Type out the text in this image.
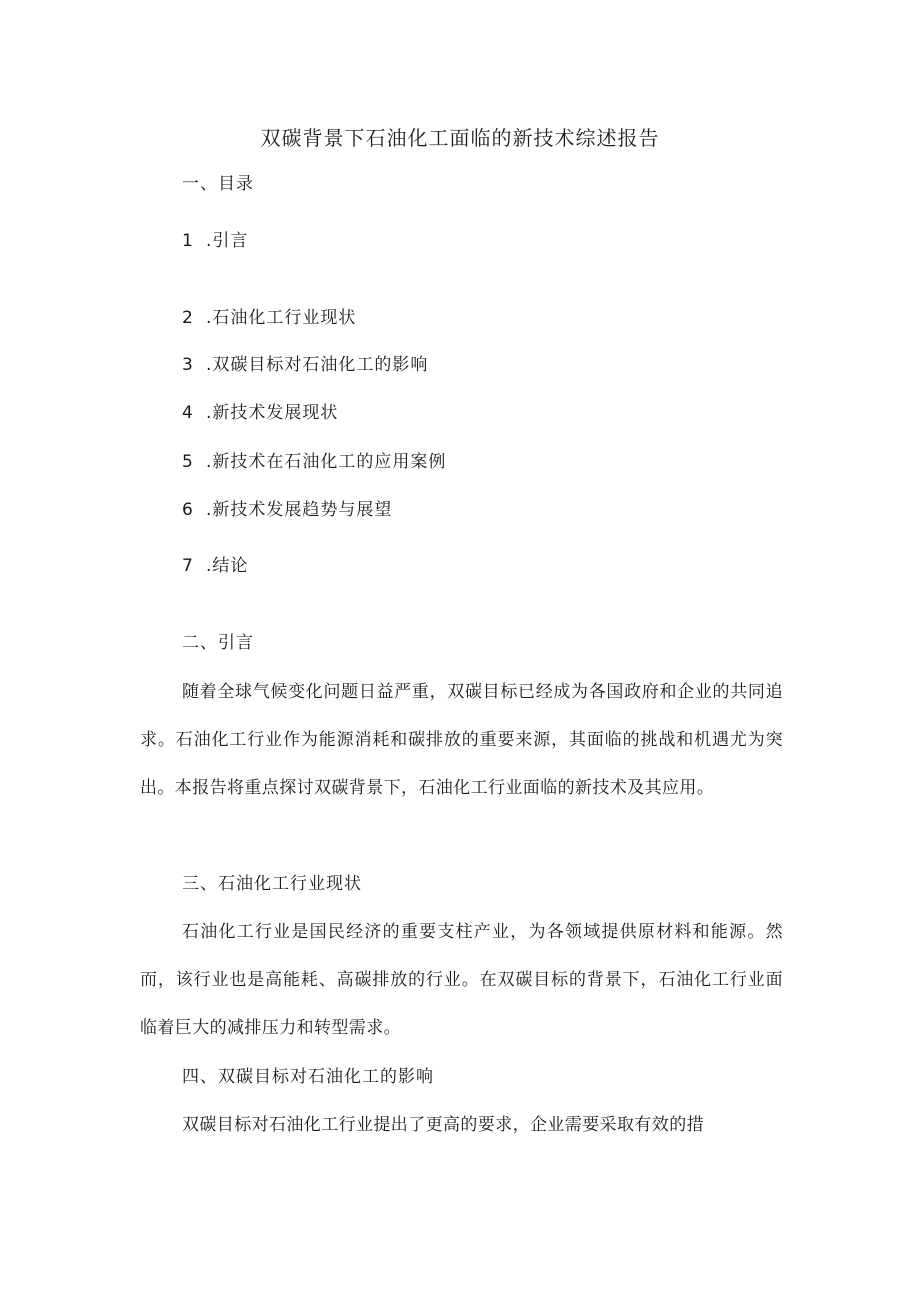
双碳背景下石油化工面临的新技术综述报告
一、目录
1 .引言
2 .石油化工行业现状
3 .双碳目标对石油化工的影响
4 .新技术发展现状
5 .新技术在石油化工的应用案例
6 .新技术发展趋势与展望
7 .结论
二、引言

随着全球气候变化问题日益严重，双碳目标已经成为各国政府和企业的共同追求。石油化工行业作为能源消耗和碳排放的重要来源，其面临的挑战和机遇尤为突出。本报告将重点探讨双碳背景下，石油化工行业面临的新技术及其应用。

三、石油化工行业现状

石油化工行业是国民经济的重要支柱产业，为各领域提供原材料和能源。然而，该行业也是高能耗、高碳排放的行业。在双碳目标的背景下，石油化工行业面临着巨大的减排压力和转型需求。

四、双碳目标对石油化工的影响

双碳目标对石油化工行业提出了更高的要求，企业需要采取有效的措
